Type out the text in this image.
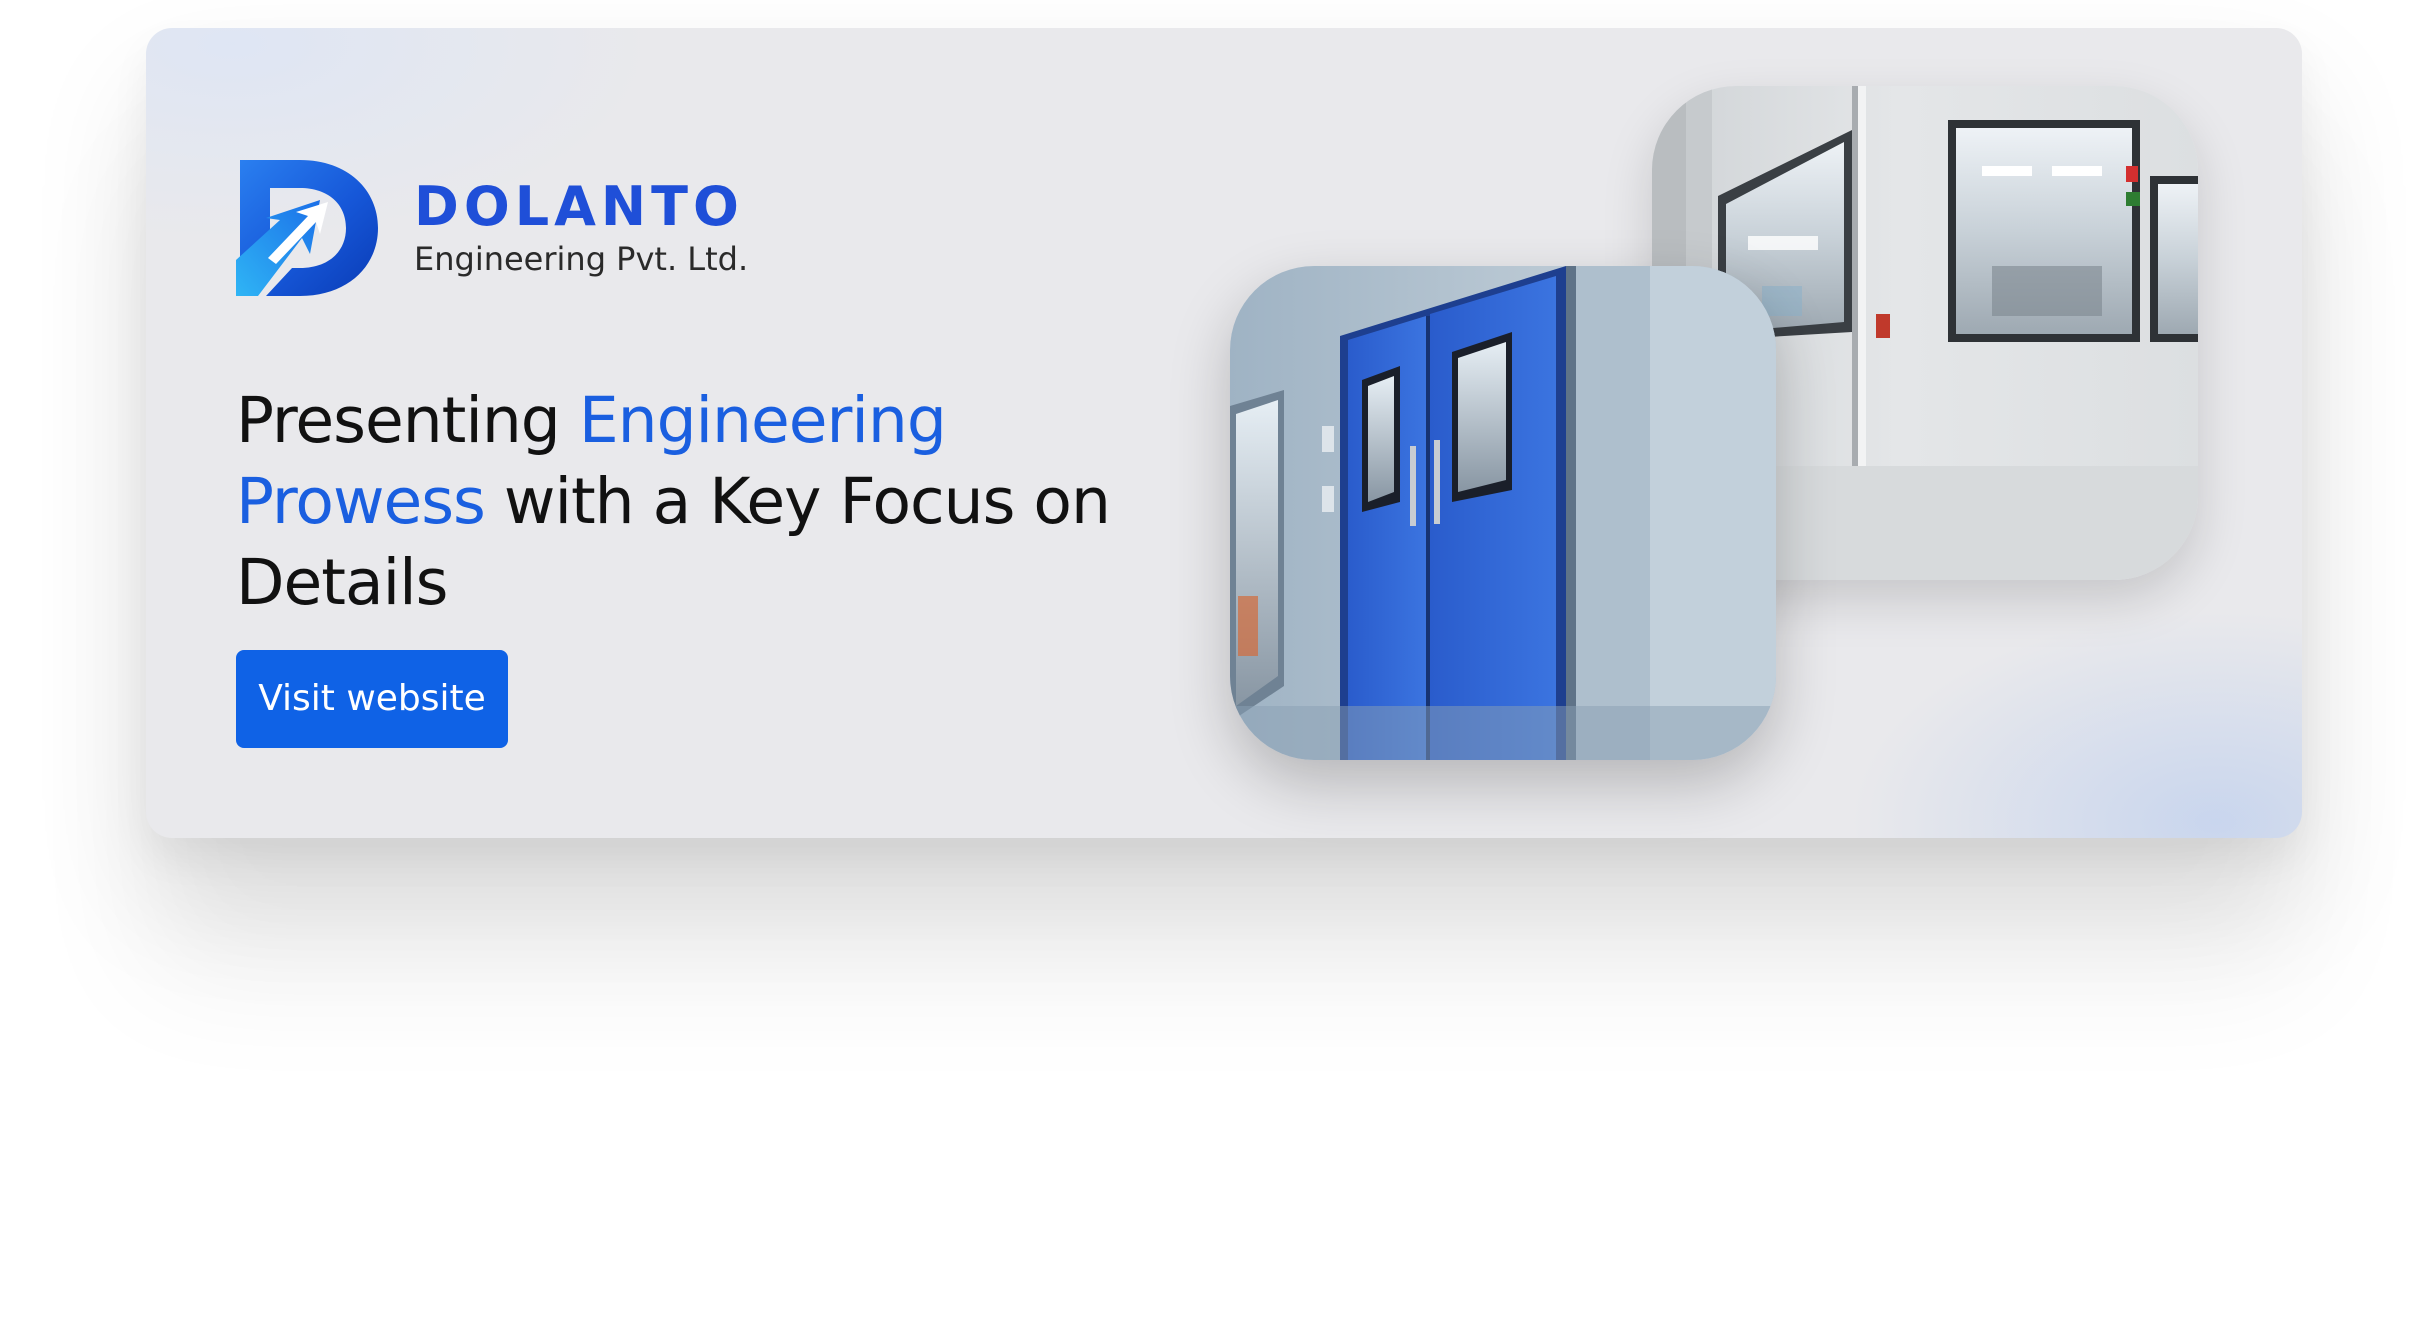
DOLANTO
Engineering Pvt. Ltd.
Presenting Engineering Prowess with a Key Focus on Details
Visit website
